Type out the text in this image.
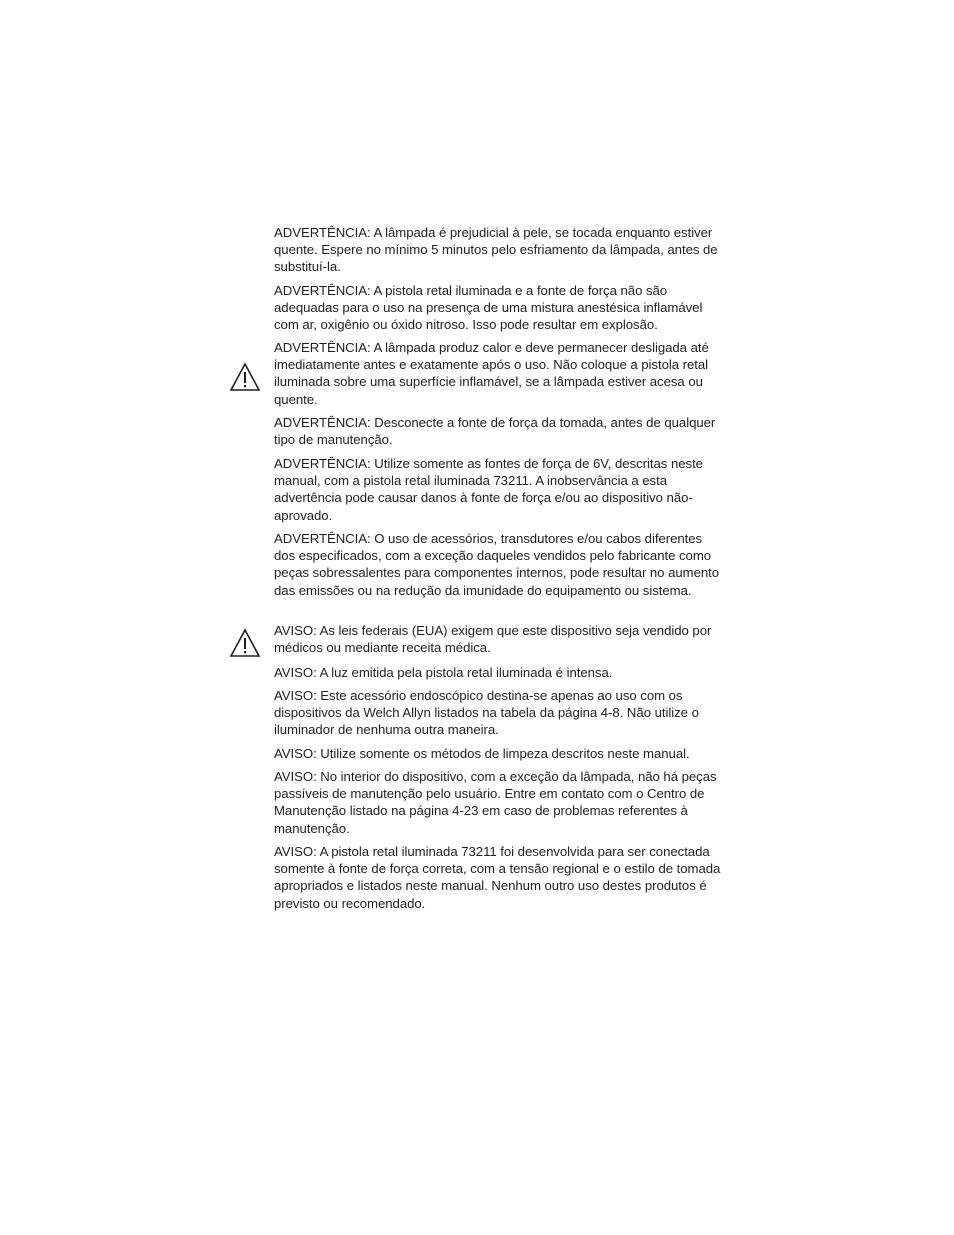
ADVERTÊNCIA: A lâmpada é prejudicial à pele, se tocada enquanto estiver quente. Espere no mínimo 5 minutos pelo esfriamento da lâmpada, antes de substituí-la.

ADVERTÊNCIA: A pistola retal iluminada e a fonte de força não são adequadas para o uso na presença de uma mistura anestésica inflamável com ar, oxigênio ou óxido nitroso. Isso pode resultar em explosão.

ADVERTÊNCIA: A lâmpada produz calor e deve permanecer desligada até imediatamente antes e exatamente após o uso. Não coloque a pistola retal iluminada sobre uma superfície inflamável, se a lâmpada estiver acesa ou quente.

ADVERTÊNCIA: Desconecte a fonte de força da tomada, antes de qualquer tipo de manutenção.

ADVERTÊNCIA: Utilize somente as fontes de força de 6V, descritas neste manual, com a pistola retal iluminada 73211. A inobservância a esta advertência pode causar danos à fonte de força e/ou ao dispositivo não-aprovado.

ADVERTÊNCIA: O uso de acessórios, transdutores e/ou cabos diferentes dos especificados, com a exceção daqueles vendidos pelo fabricante como peças sobressalentes para componentes internos, pode resultar no aumento das emissões ou na redução da imunidade do equipamento ou sistema.

AVISO: As leis federais (EUA) exigem que este dispositivo seja vendido por médicos ou mediante receita médica.

AVISO: A luz emitida pela pistola retal iluminada é intensa.

AVISO: Este acessório endoscópico destina-se apenas ao uso com os dispositivos da Welch Allyn listados na tabela da página 4-8. Não utilize o iluminador de nenhuma outra maneira.

AVISO: Utilize somente os métodos de limpeza descritos neste manual.

AVISO: No interior do dispositivo, com a exceção da lâmpada, não há peças passíveis de manutenção pelo usuário. Entre em contato com o Centro de Manutenção listado na página 4-23 em caso de problemas referentes à manutenção.

AVISO: A pistola retal iluminada 73211 foi desenvolvida para ser conectada somente à fonte de força correta, com a tensão regional e o estilo de tomada apropriados e listados neste manual. Nenhum outro uso destes produtos é previsto ou recomendado.
